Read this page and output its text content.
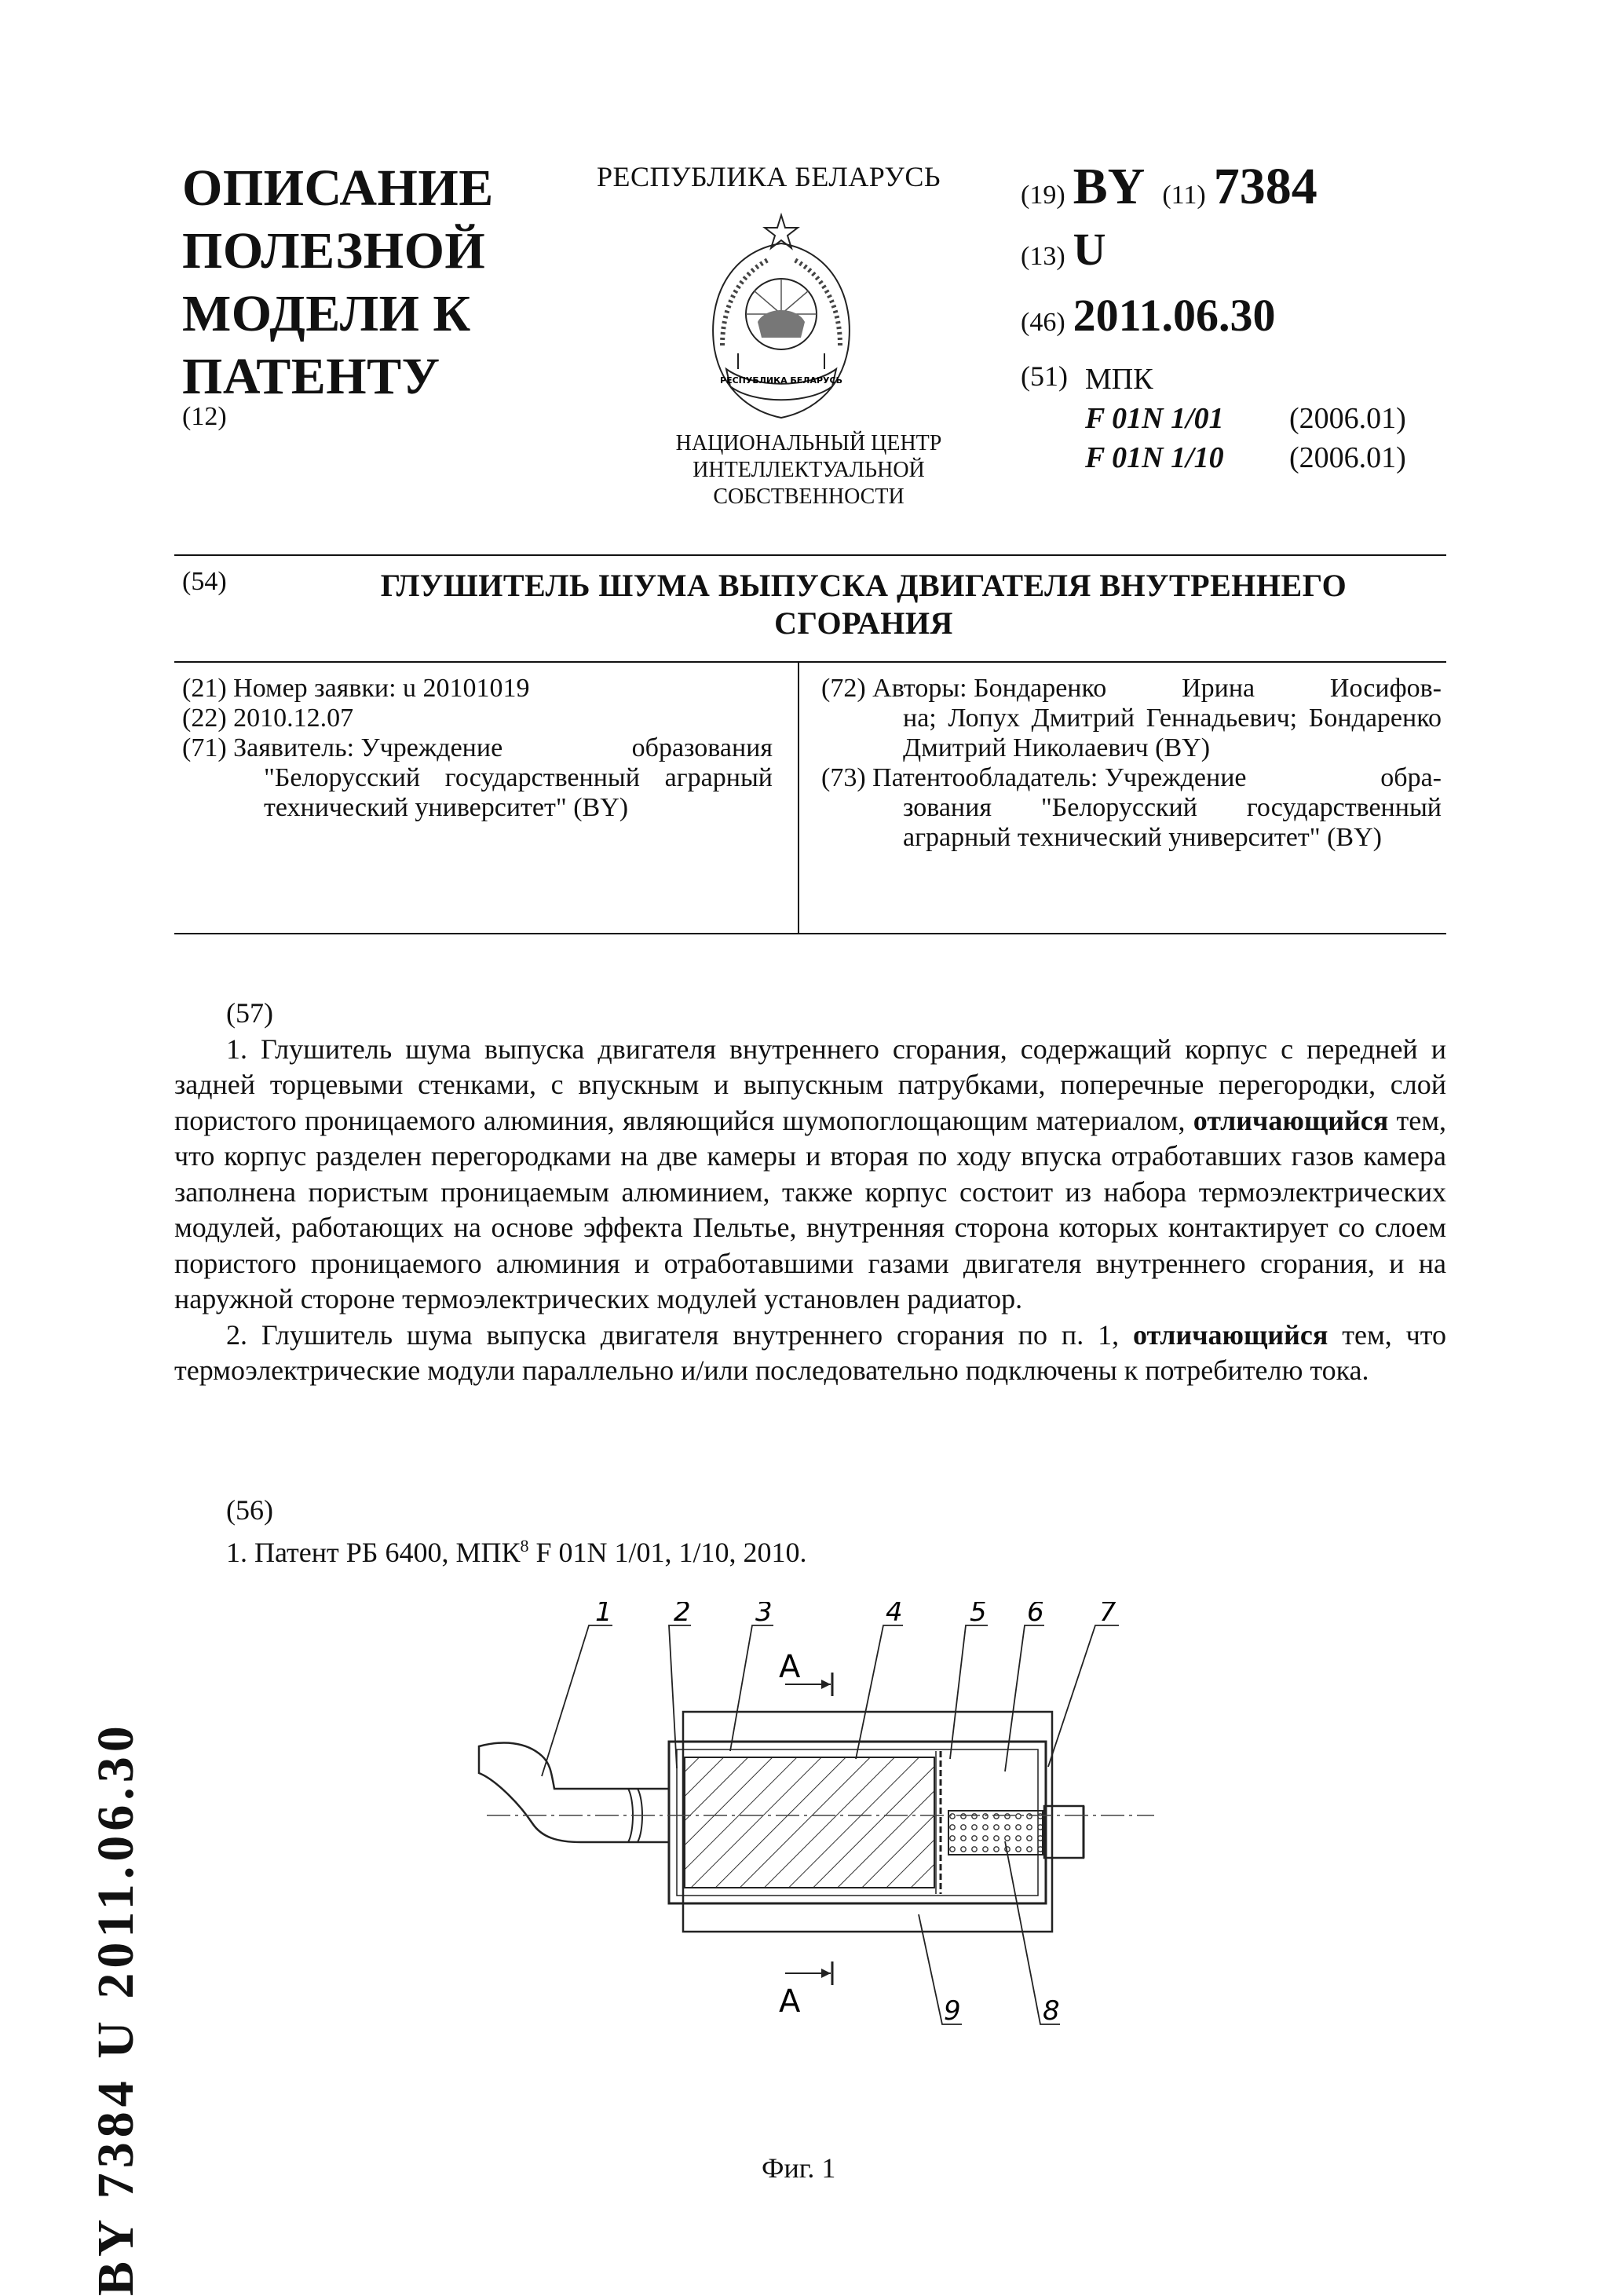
ОПИСАНИЕ
ПОЛЕЗНОЙ
МОДЕЛИ К
ПАТЕНТУ
(12)
РЕСПУБЛИКА БЕЛАРУСЬ
РЕСПУБЛИКА БЕЛАРУСЬ
НАЦИОНАЛЬНЫЙ ЦЕНТР
ИНТЕЛЛЕКТУАЛЬНОЙ
СОБСТВЕННОСТИ
(19) BY (11) 7384
(13) U
(46) 2011.06.30
(51) МПК
F 01N 1/01	(2006.01)
F 01N 1/10	(2006.01)
(54)	ГЛУШИТЕЛЬ ШУМА ВЫПУСКА ДВИГАТЕЛЯ ВНУТРЕННЕГО
СГОРАНИЯ
(21) Номер заявки: u 20101019
(22) 2010.12.07
(71) Заявитель:
Учреждение образования
"Белорусский государственный аграрный технический университет" (BY)
(72) Авторы:
Бондаренко Ирина Иосифов-
на; Лопух Дмитрий Геннадьевич; Бондаренко Дмитрий Николаевич (BY)
(73) Патентообладатель:
Учреждение обра-
зования "Белорусский государственный аграрный технический университет" (BY)

(57)

1. Глушитель шума выпуска двигателя внутреннего сгорания, содержащий корпус с передней и задней торцевыми стенками, с впускным и выпускным патрубками, поперечные перегородки, слой пористого проницаемого алюминия, являющийся шумопоглощающим материалом, отличающийся тем, что корпус разделен перегородками на две камеры и вторая по ходу впуска отработавших газов камера заполнена пористым проницаемым алюминием, также корпус состоит из набора термоэлектрических модулей, работающих на основе эффекта Пельтье, внутренняя сторона которых контактирует со слоем пористого проницаемого алюминия и отработавшими газами двигателя внутреннего сгорания, и на наружной стороне термоэлектрических модулей установлен радиатор.

2. Глушитель шума выпуска двигателя внутреннего сгорания по п. 1, отличающийся тем, что термоэлектрические модули параллельно и/или последовательно подключены к потребителю тока.

(56)
1. Патент РБ 6400, МПК$^8$ F 01N 1/01, 1/10, 2010.
A
A
1 2 3	4	5 6 7
8
9
Фиг. 1
BY 7384 U 2011.06.30
